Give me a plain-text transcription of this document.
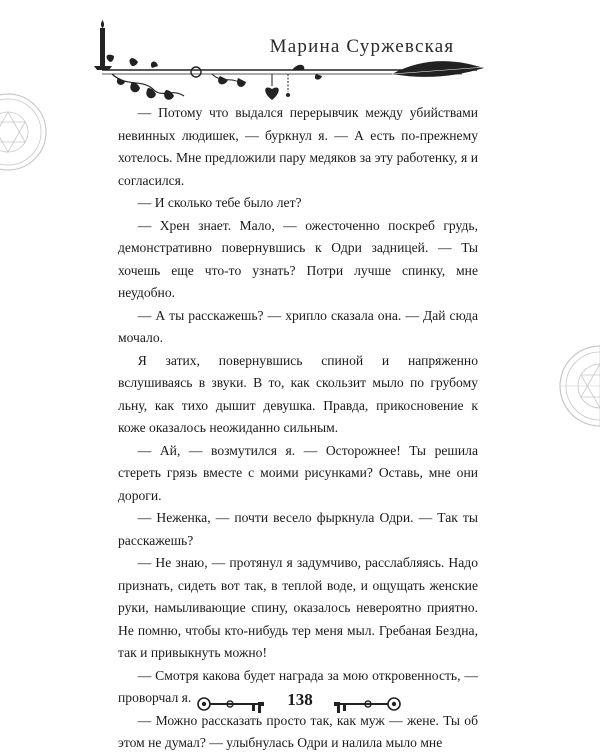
Марина Суржевская

— Потому что выдался перерывчик между убийствами невинных людишек, — буркнул я. — А есть по-прежнему хотелось. Мне предложили пару медяков за эту работенку, я и согласился.

— И сколько тебе было лет?

— Хрен знает. Мало, — ожесточенно поскреб грудь, демонстративно повернувшись к Одри задницей. — Ты хочешь еще что-то узнать? Потри лучше спинку, мне неудобно.

— А ты расскажешь? — хрипло сказала она. — Дай сюда мочало.

Я затих, повернувшись спиной и напряженно вслушиваясь в звуки. В то, как скользит мыло по грубому льну, как тихо дышит девушка. Правда, прикосновение к коже оказалось неожиданно сильным.

— Ай, — возмутился я. — Осторожнее! Ты решила стереть грязь вместе с моими рисунками? Оставь, мне они дороги.

— Неженка, — почти весело фыркнула Одри. — Так ты расскажешь?

— Не знаю, — протянул я задумчиво, расслабляясь. Надо признать, сидеть вот так, в теплой воде, и ощущать женские руки, намыливающие спину, оказалось невероятно приятно. Не помню, чтобы кто-нибудь тер меня мыл. Гребаная Бездна, так и привыкнуть можно!

— Смотря какова будет награда за мою откровенность, — проворчал я.

— Можно рассказать просто так, как муж — жене. Ты об этом не думал? — улыбнулась Одри и налила мыло мне

138
